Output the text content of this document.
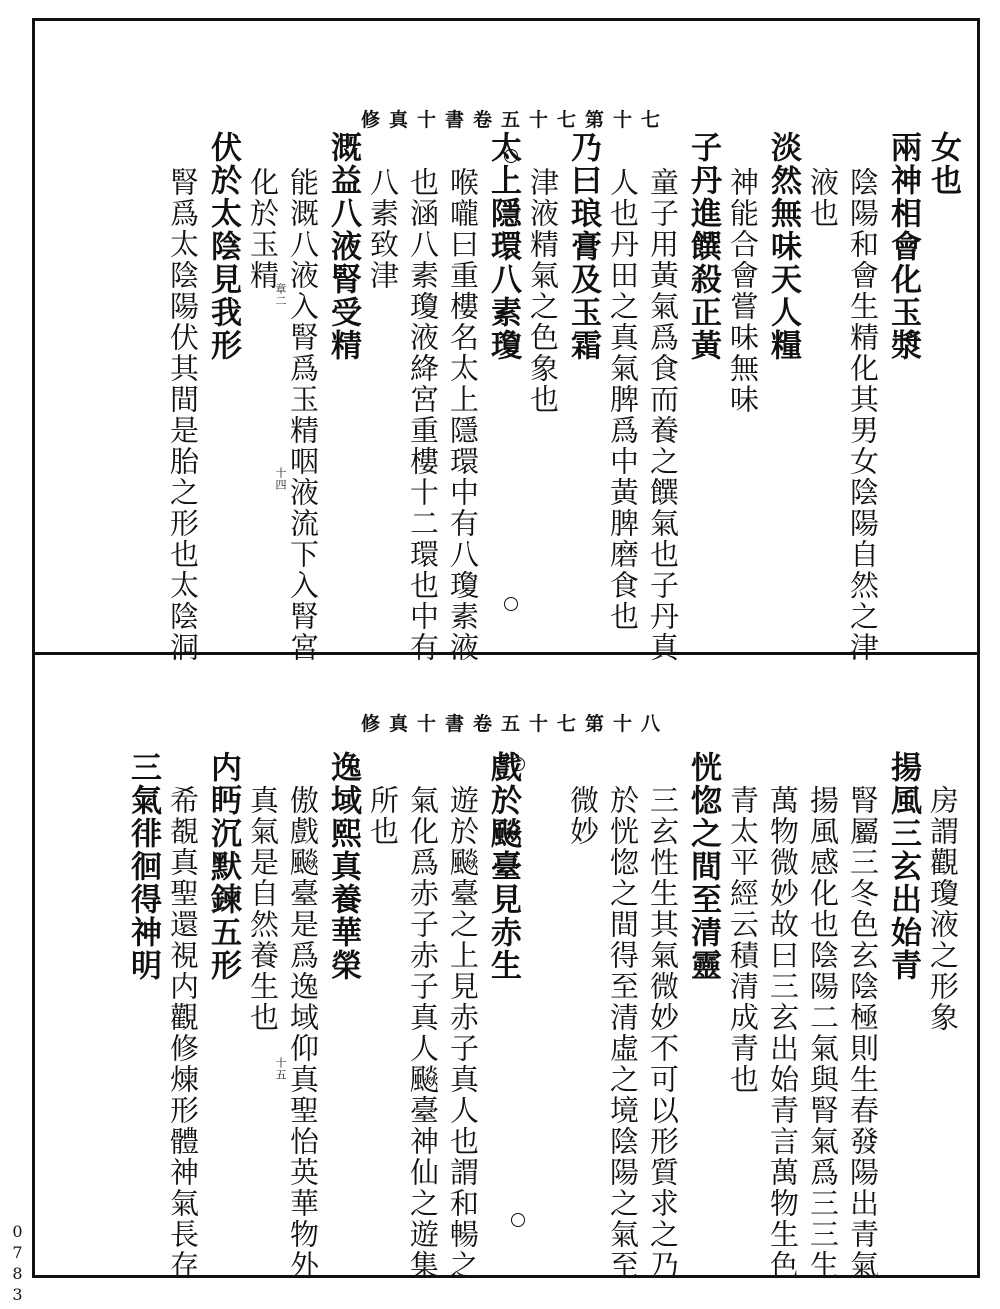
修真十書卷五十七第十七
女也
兩神相會化玉漿
陰陽和會生精化其男女陰陽自然之津
液也
淡然無味天人糧
神能合會嘗味無味
子丹進饌殺正黃
童子用黃氣爲食而養之饌氣也子丹真
人也丹田之真氣脾爲中黃脾磨食也
乃曰琅膏及玉霜
津液精氣之色象也
太上隱環八素瓊
喉嚨曰重樓名太上隱環中有八瓊素液
也涵八素瓊液絳宮重樓十二環也中有
八素致津
溉益八液腎受精
能溉八液入腎爲玉精咽液流下入腎宮
化於玉精
伏於太陰見我形
腎爲太陰陽伏其間是胎之形也太陰洞	章二
十四
修真十書卷五十七第十八
房謂觀瓊液之形象
揚風三玄出始青
腎屬三冬色玄陰極則生春發陽出青氣
揚風感化也陰陽二氣與腎氣爲三三生
萬物微妙故曰三玄出始青言萬物生色
青太平經云積清成青也
恍惚之間至清靈
三玄性生其氣微妙不可以形質求之乃
於恍惚之間得至清虛之境陰陽之氣至
微妙
戲於飈臺見赤生
遊於飈臺之上見赤子真人也謂和暢之
氣化爲赤子赤子真人飈臺神仙之遊集
所也
逸域熙真養華榮
傲戲飈臺是爲逸域仰真聖怡英華物外
真氣是自然養生也
内眄沉默鍊五形
希覩真聖還視内觀修煉形體神氣長存
三氣徘徊得神明
十五
0783
